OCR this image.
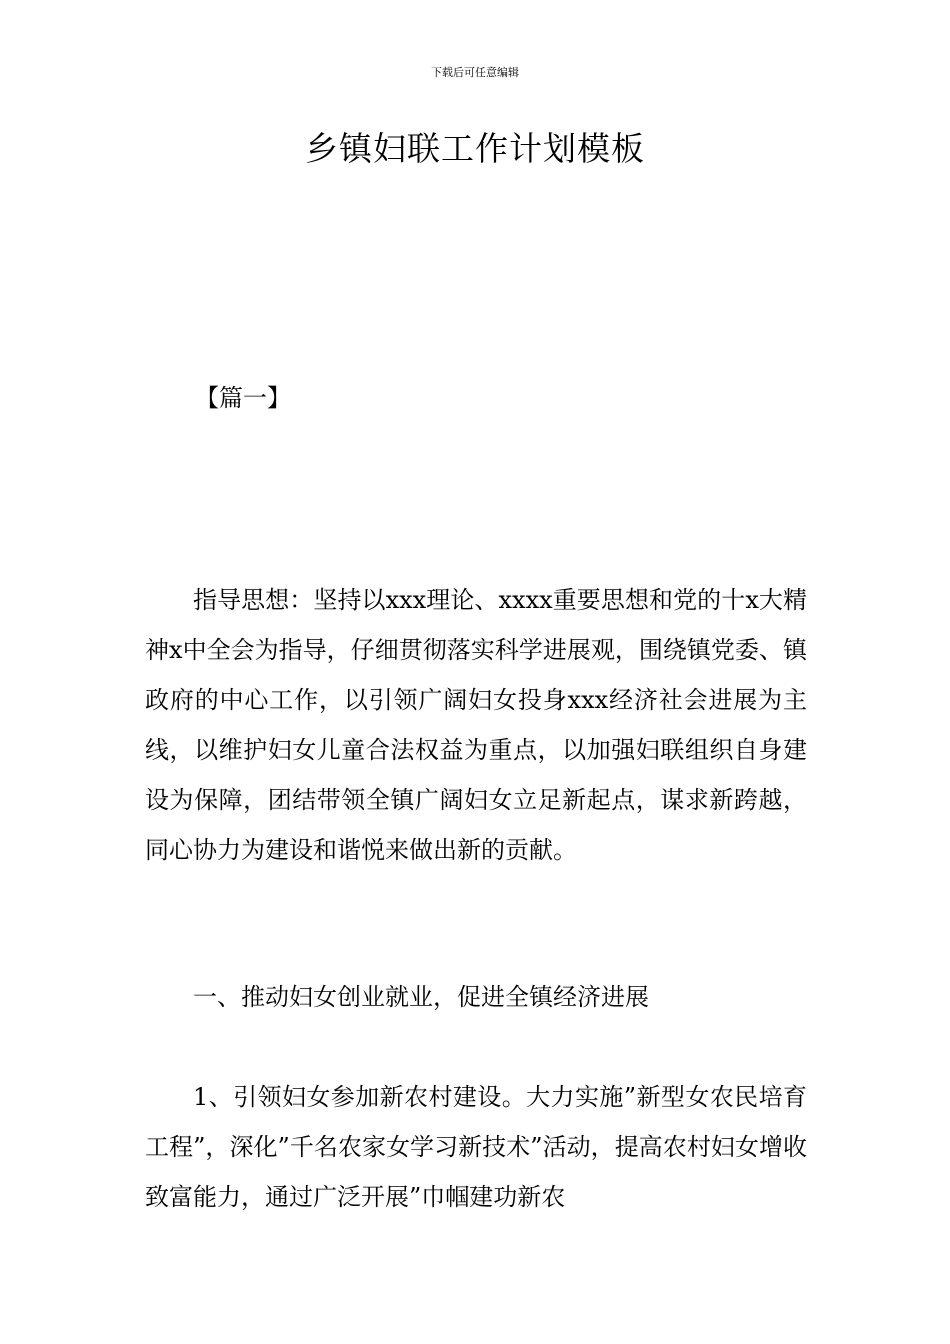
下载后可任意编辑
乡镇妇联工作计划模板

【篇一】

指导思想：坚持以xxx理论、xxxx重要思想和党的十x大精神x中全会为指导，仔细贯彻落实科学进展观，围绕镇党委、镇政府的中心工作，以引领广阔妇女投身xxx经济社会进展为主线，以维护妇女儿童合法权益为重点，以加强妇联组织自身建设为保障，团结带领全镇广阔妇女立足新起点，谋求新跨越，同心协力为建设和谐悦来做出新的贡献。

一、推动妇女创业就业，促进全镇经济进展

1、引领妇女参加新农村建设。大力实施”新型女农民培育工程”，深化”千名农家女学习新技术”活动，提高农村妇女增收致富能力，通过广泛开展”巾帼建功新农
